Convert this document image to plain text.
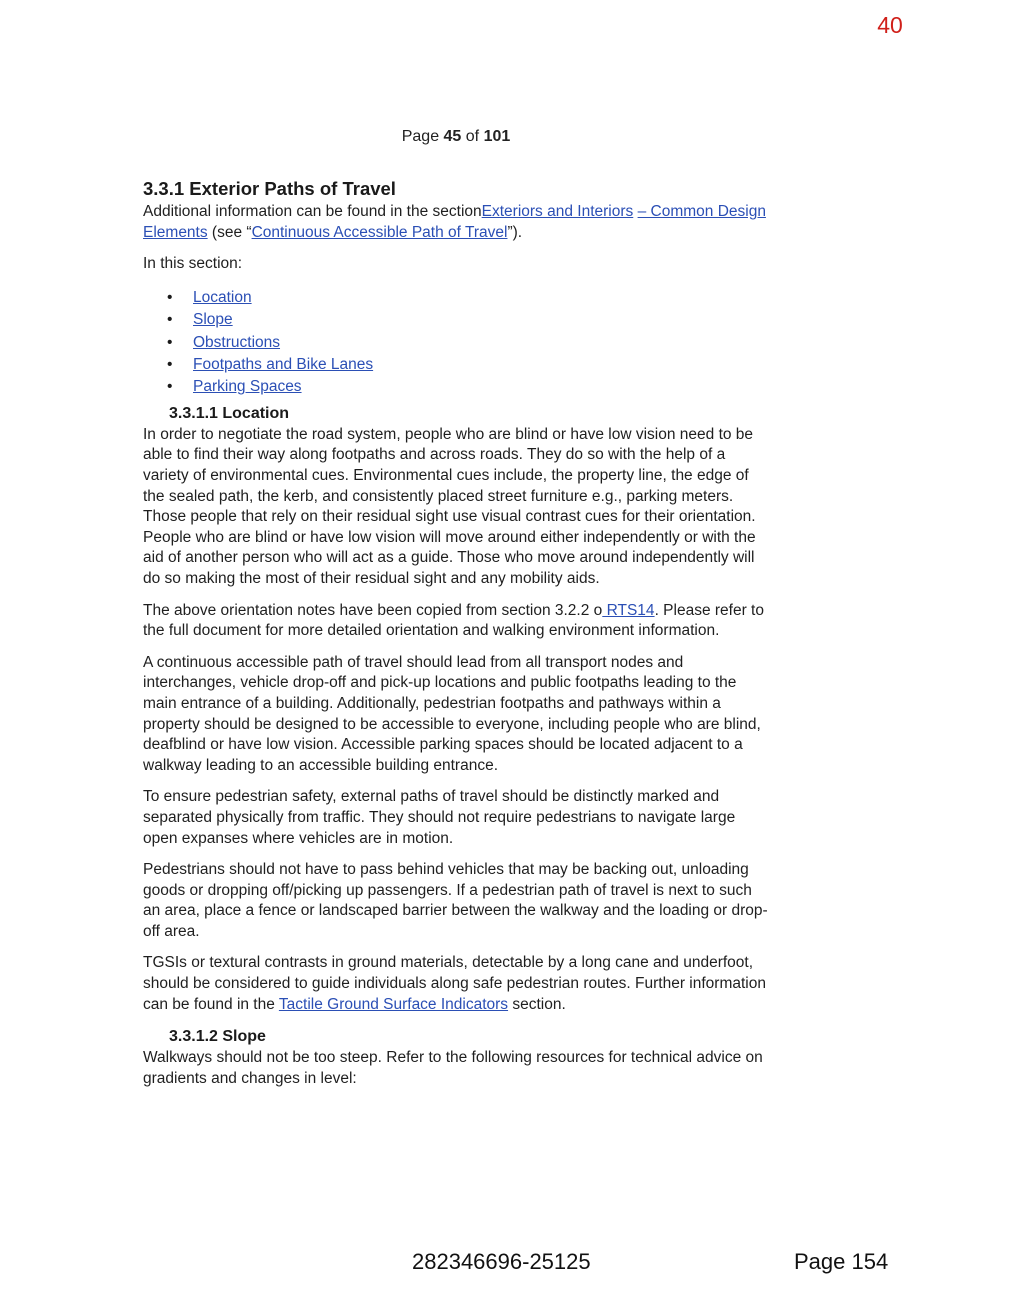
40
Page 45 of 101
3.3.1 Exterior Paths of Travel

Additional information can be found in the sectionExteriors and Interiors – Common Design Elements (see “Continuous Accessible Path of Travel”).

In this section:

• Location
• Slope
• Obstructions
• Footpaths and Bike Lanes
• Parking Spaces
3.3.1.1 Location

In order to negotiate the road system, people who are blind or have low vision need to be able to find their way along footpaths and across roads. They do so with the help of a variety of environmental cues. Environmental cues include, the property line, the edge of the sealed path, the kerb, and consistently placed street furniture e.g., parking meters. Those people that rely on their residual sight use visual contrast cues for their orientation. People who are blind or have low vision will move around either independently or with the aid of another person who will act as a guide. Those who move around independently will do so making the most of their residual sight and any mobility aids.

The above orientation notes have been copied from section 3.2.2 o RTS14. Please refer to the full document for more detailed orientation and walking environment information.

A continuous accessible path of travel should lead from all transport nodes and interchanges, vehicle drop-off and pick-up locations and public footpaths leading to the main entrance of a building. Additionally, pedestrian footpaths and pathways within a property should be designed to be accessible to everyone, including people who are blind, deafblind or have low vision. Accessible parking spaces should be located adjacent to a walkway leading to an accessible building entrance.

To ensure pedestrian safety, external paths of travel should be distinctly marked and separated physically from traffic. They should not require pedestrians to navigate large open expanses where vehicles are in motion.

Pedestrians should not have to pass behind vehicles that may be backing out, unloading goods or dropping off/picking up passengers. If a pedestrian path of travel is next to such an area, place a fence or landscaped barrier between the walkway and the loading or drop-off area.

TGSIs or textural contrasts in ground materials, detectable by a long cane and underfoot, should be considered to guide individuals along safe pedestrian routes. Further information can be found in the Tactile Ground Surface Indicators section.

3.3.1.2 Slope

Walkways should not be too steep. Refer to the following resources for technical advice on gradients and changes in level:

282346696-25125	Page 154
